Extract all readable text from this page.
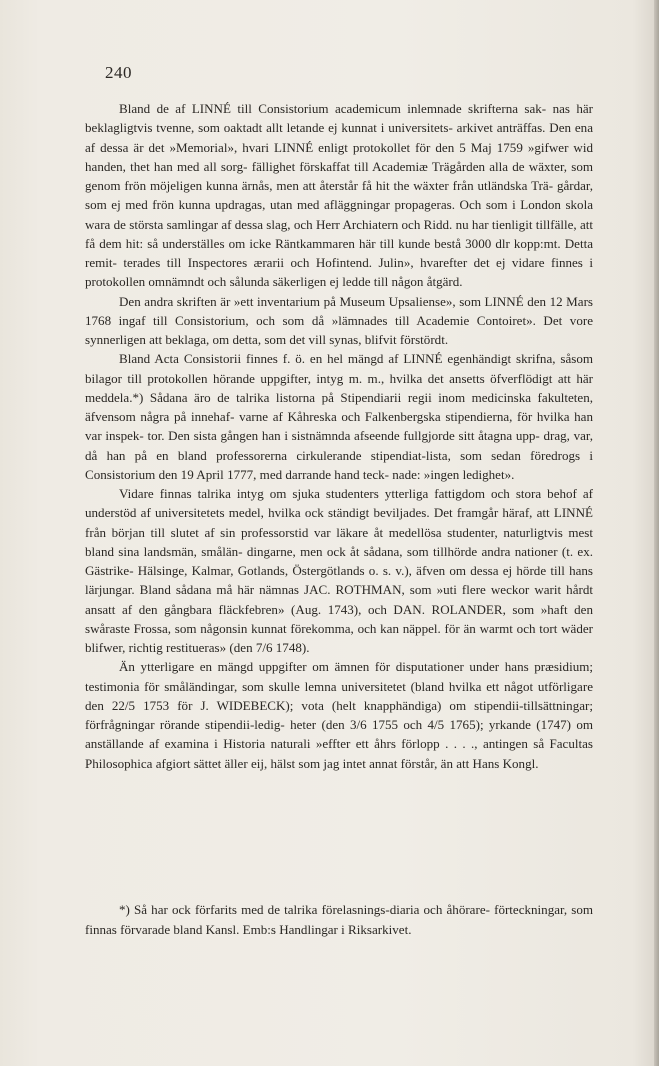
240

Bland de af LINNÉ till Consistorium academicum inlemnade skrifterna sak- nas här beklagligtvis tvenne, som oaktadt allt letande ej kunnat i universitets- arkivet anträffas. Den ena af dessa är det »Memorial», hvari LINNÉ enligt protokollet för den 5 Maj 1759 »gifwer wid handen, thet han med all sorg- fällighet förskaffat till Academiæ Trägården alla de wäxter, som genom frön möjeligen kunna ärnås, men att återstår få hit the wäxter från utländska Trä- gårdar, som ej med frön kunna updragas, utan med afläggningar propageras. Och som i London skola wara de största samlingar af dessa slag, och Herr Archiatern och Ridd. nu har tienligit tillfälle, att få dem hit: så underställes om icke Räntkammaren här till kunde bestå 3000 dlr kopp:mt. Detta remit- terades till Inspectores ærarii och Hofintend. Julin», hvarefter det ej vidare finnes i protokollen omnämndt och sålunda säkerligen ej ledde till någon åtgärd.

Den andra skriften är »ett inventarium på Museum Upsaliense», som LINNÉ den 12 Mars 1768 ingaf till Consistorium, och som då »lämnades till Academie Contoiret». Det vore synnerligen att beklaga, om detta, som det vill synas, blifvit förstördt.

Bland Acta Consistorii finnes f. ö. en hel mängd af LINNÉ egenhändigt skrifna, såsom bilagor till protokollen hörande uppgifter, intyg m. m., hvilka det ansetts öfverflödigt att här meddela.*) Sådana äro de talrika listorna på Stipendiarii regii inom medicinska fakulteten, äfvensom några på innehaf- varne af Kåhreska och Falkenbergska stipendierna, för hvilka han var inspek- tor. Den sista gången han i sistnämnda afseende fullgjorde sitt åtagna upp- drag, var, då han på en bland professorerna cirkulerande stipendiat-lista, som sedan föredrogs i Consistorium den 19 April 1777, med darrande hand teck- nade: »ingen ledighet».

Vidare finnas talrika intyg om sjuka studenters ytterliga fattigdom och stora behof af understöd af universitetets medel, hvilka ock ständigt beviljades. Det framgår häraf, att LINNÉ från början till slutet af sin professorstid var läkare åt medellösa studenter, naturligtvis mest bland sina landsmän, smålän- dingarne, men ock åt sådana, som tillhörde andra nationer (t. ex. Gästrike- Hälsinge, Kalmar, Gotlands, Östergötlands o. s. v.), äfven om dessa ej hörde till hans lärjungar. Bland sådana må här nämnas JAC. ROTHMAN, som »uti flere weckor warit hårdt ansatt af den gångbara fläckfebren» (Aug. 1743), och DAN. ROLANDER, som »haft den swåraste Frossa, som någonsin kunnat förekomma, och kan näppel. för än warmt och tort wäder blifwer, richtig restitueras» (den 7/6 1748).

Än ytterligare en mängd uppgifter om ämnen för disputationer under hans præsidium; testimonia för småländingar, som skulle lemna universitetet (bland hvilka ett något utförligare den 22/5 1753 för J. WIDEBECK); vota (helt knapphändiga) om stipendii-tillsättningar; förfrågningar rörande stipendii-ledig- heter (den 3/6 1755 och 4/5 1765); yrkande (1747) om anställande af examina i Historia naturali »effter ett åhrs förlopp . . . ., antingen så Facultas Philosophica afgiort sättet äller eij, hälst som jag intet annat förstår, än att Hans Kongl.

*) Så har ock förfarits med de talrika förelasnings-diaria och åhörare- förteckningar, som finnas förvarade bland Kansl. Emb:s Handlingar i Riksarkivet.
